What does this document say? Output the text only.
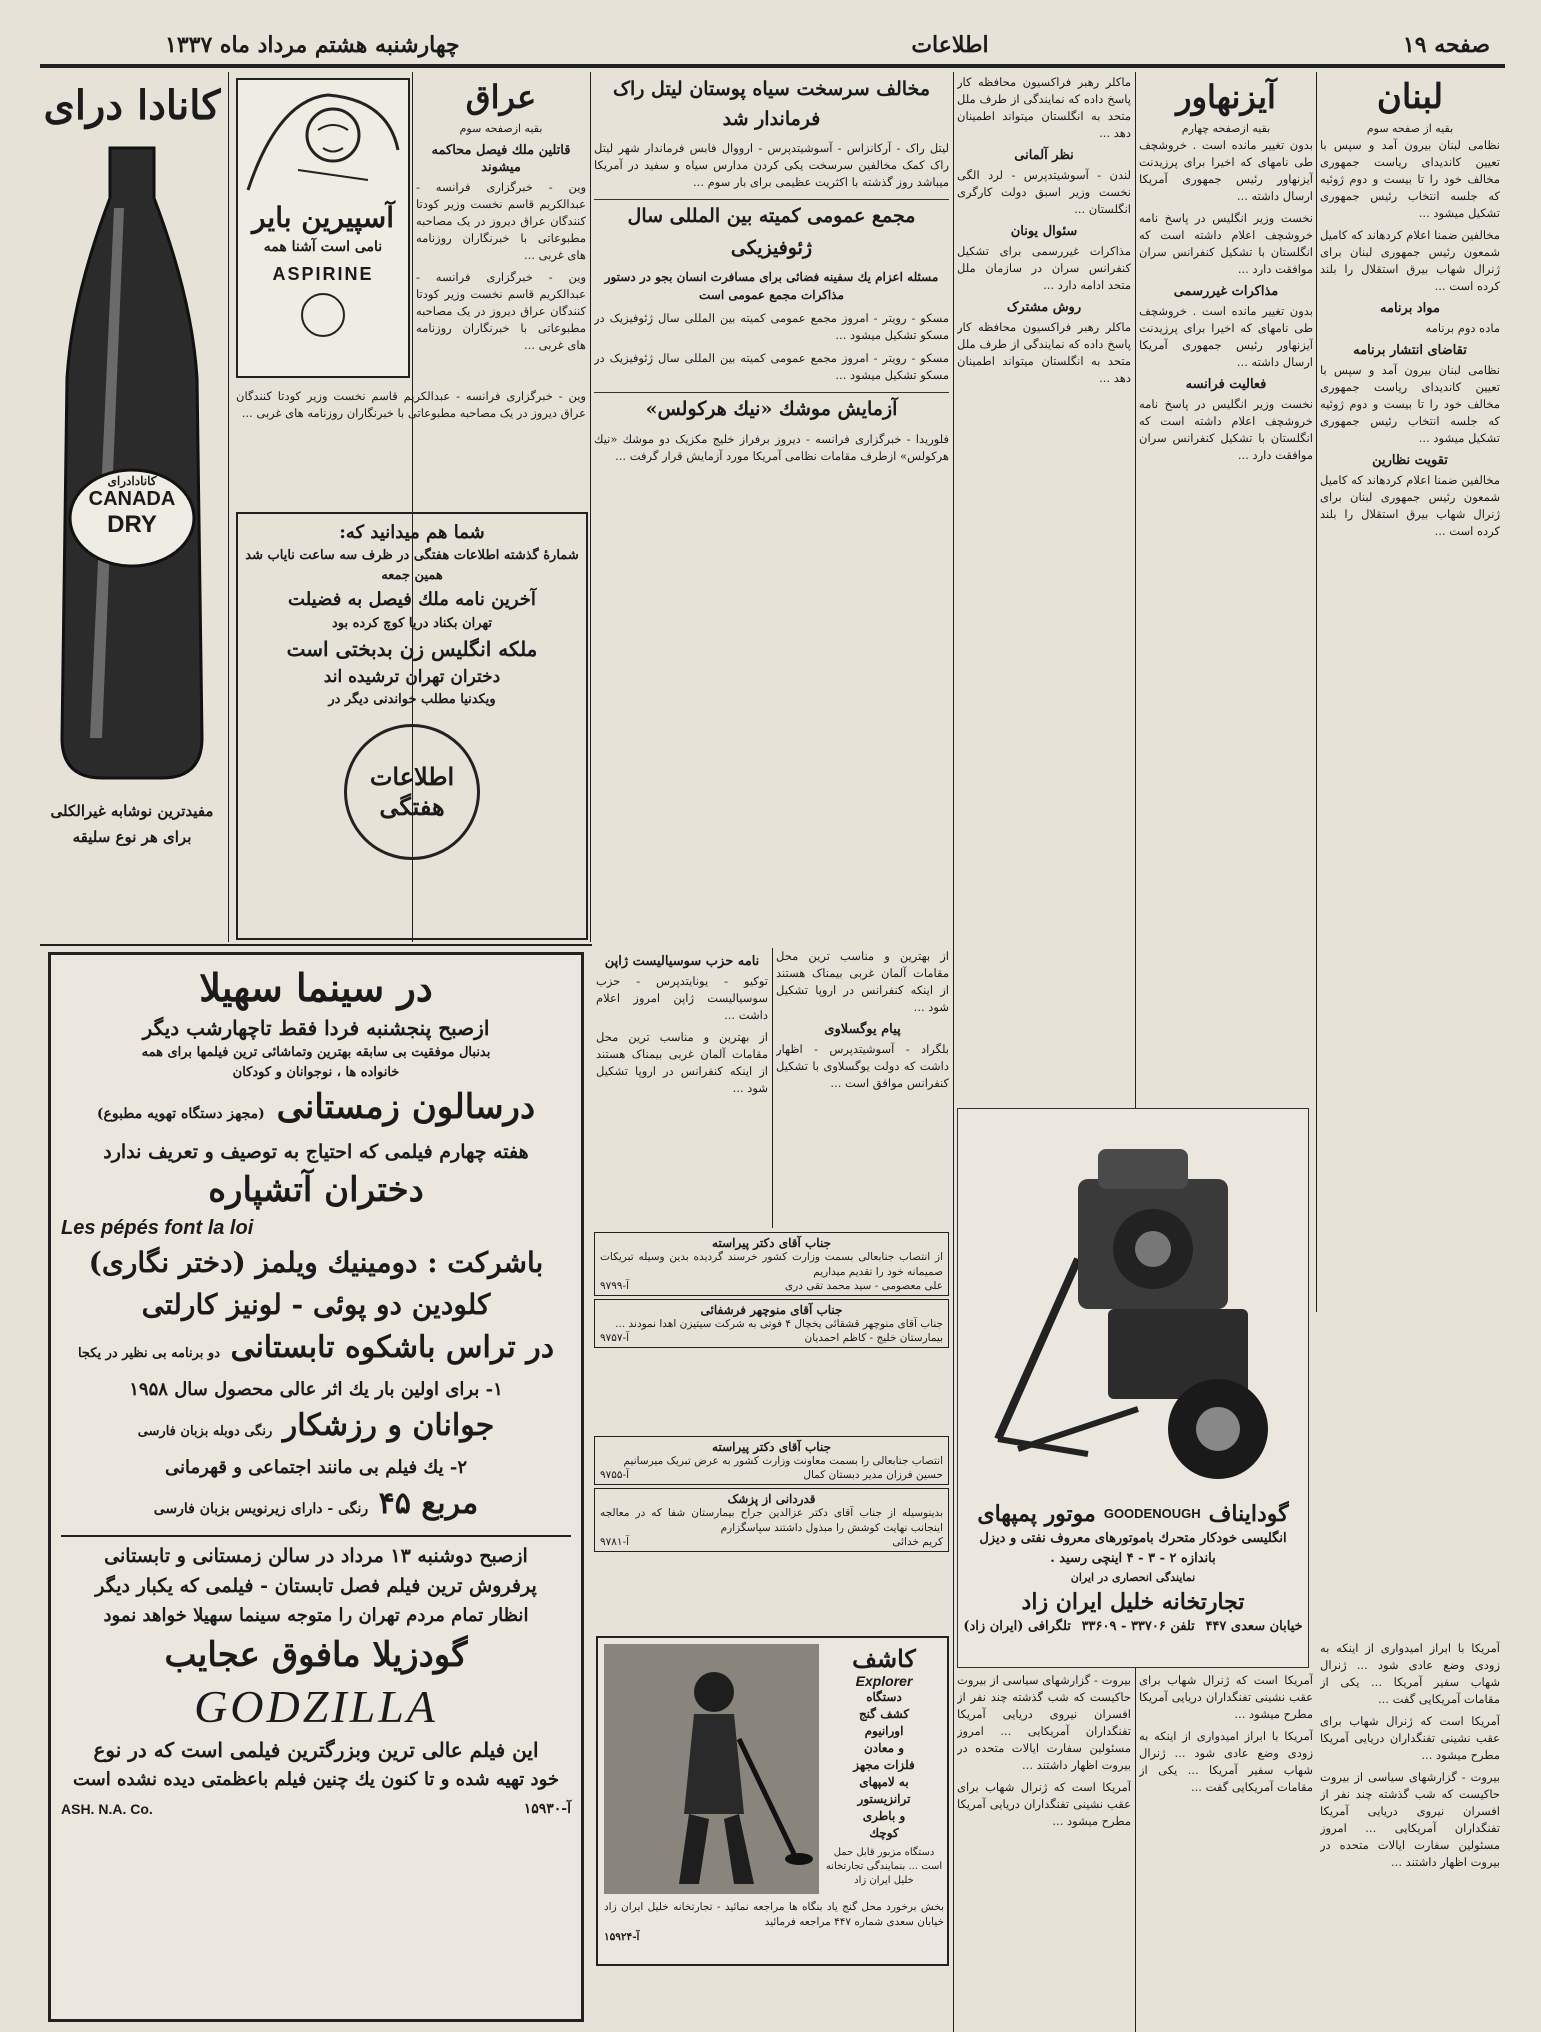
چهارشنبه هشتم مرداد ماه ۱۳۳۷	اطلاعات	صفحه ۱۹
لبنان
بقیه از صفحه سوم

نظامی لبنان بیرون آمد و سپس با تعیین کاندیدای ریاست جمهوری مخالف خود را تا بیست و دوم ژوئیه که جلسه انتخاب رئیس جمهوری تشکیل میشود ...

مخالفین ضمنا اعلام کردهاند که کامیل شمعون رئیس جمهوری لبنان برای ژنرال شهاب بیرق استقلال را بلند کرده است ...

مواد برنامه

ماده دوم برنامه

تقاضای انتشار برنامه

نظامی لبنان بیرون آمد و سپس با تعیین کاندیدای ریاست جمهوری مخالف خود را تا بیست و دوم ژوئیه که جلسه انتخاب رئیس جمهوری تشکیل میشود ...

تقویت نظارین

مخالفین ضمنا اعلام کردهاند که کامیل شمعون رئیس جمهوری لبنان برای ژنرال شهاب بیرق استقلال را بلند کرده است ...

آیزنهاور
بقیه ازصفحه چهارم

بدون تغییر مانده است . خروشچف طی نامهای که اخیرا برای پرزیدنت آیزنهاور رئیس جمهوری آمریکا ارسال داشته ...

نخست وزیر انگلیس در پاسخ نامه خروشچف اعلام داشته است که انگلستان با تشکیل کنفرانس سران موافقت دارد ...

مذاکرات غیررسمی

بدون تغییر مانده است . خروشچف طی نامهای که اخیرا برای پرزیدنت آیزنهاور رئیس جمهوری آمریکا ارسال داشته ...

فعالیت فرانسه

نخست وزیر انگلیس در پاسخ نامه خروشچف اعلام داشته است که انگلستان با تشکیل کنفرانس سران موافقت دارد ...

ماکلر رهبر فراکسیون محافظه کار پاسخ داده که نمایندگی از طرف ملل متحد به انگلستان میتواند اطمینان دهد ...

نظر آلمانی

لندن - آسوشیتدپرس - لرد الگی نخست وزیر اسبق دولت کارگری انگلستان ...

سئوال یونان

مذاکرات غیررسمی برای تشکیل کنفرانس سران در سازمان ملل متحد ادامه دارد ...

روش مشترک

ماکلر رهبر فراکسیون محافظه کار پاسخ داده که نمایندگی از طرف ملل متحد به انگلستان میتواند اطمینان دهد ...

مخالف سرسخت سیاه پوستان لیتل راک فرماندار شد
لیتل راک - آرکانزاس - آسوشیتدپرس - ارووال فابس فرماندار شهر لیتل راک کمک مخالفین سرسخت یکی کردن مدارس سیاه و سفید در آمریکا میباشد روز گذشته با اکثریت عظیمی برای بار سوم ...
مجمع عمومی کمیته بین المللی سال ژئوفیزیکی
مسئله اعزام یك سفینه فضائی برای مسافرت انسان بجو در دستور مذاکرات مجمع عمومی است
مسکو - رویتر - امروز مجمع عمومی کمیته بین المللی سال ژئوفیزیک در مسکو تشکیل میشود ...
مسکو - رویتر - امروز مجمع عمومی کمیته بین المللی سال ژئوفیزیک در مسکو تشکیل میشود ...
آزمایش موشك «نیك هركولس»
فلوریدا - خبرگزاری فرانسه - دیروز برفراز خلیج مکزیک دو موشك «نیك هركولس» ازطرف مقامات نظامی آمریکا مورد آزمایش قرار گرفت ...
عراق
بقیه ازصفحه سوم
قاتلین ملك فیصل محاکمه میشوند

وین - خبرگزاری فرانسه - عبدالکریم قاسم نخست وزیر کودتا کنندگان عراق دیروز در یک مصاحبه مطبوعاتی با خبرنگاران روزنامه های غربی ...

وین - خبرگزاری فرانسه - عبدالکریم قاسم نخست وزیر کودتا کنندگان عراق دیروز در یک مصاحبه مطبوعاتی با خبرنگاران روزنامه های غربی ...

آسپیرین بایر
نامی است آشنا همه
ASPIRINE
کانادا درای
کانادادرای
CANADA
DRY
مفیدترین نوشابه غیرالکلی
برای هر نوع سلیقه
وین - خبرگزاری فرانسه - عبدالکریم قاسم نخست وزیر کودتا کنندگان عراق دیروز در یک مصاحبه مطبوعاتی با خبرنگاران روزنامه های غربی ...
شما هم میدانید که:
شمارهٔ گذشته اطلاعات هفتگی در ظرف سه ساعت نایاب شد
همین جمعه
آخرین نامه ملك فیصل به فضیلت
تهران بکناد دریا کوچ کرده بود
ملکه انگلیس زن بدبختی است
دختران تهران ترشیده اند
ویکدنیا مطلب خواندنی دیگر در
اطلاعات هفتگی
در سینما سهیلا
ازصبح پنجشنبه فردا فقط تاچهارشب دیگر
بدنبال موفقیت بی سابقه بهترین وتماشائی ترین فیلمها برای همه
خانواده ها ، نوجوانان و کودکان
درسالون زمستانی (مجهز دستگاه تهویه مطبوع)
هفته چهارم فیلمی که احتیاج به توصیف و تعریف ندارد
دختران آتشپاره
Les pépés font la loi
باشرکت : دومینیك ویلمز (دختر نگاری)
کلودین دو پوئی - لونیز کارلتی
در تراس باشکوه تابستانی دو برنامه بی نظیر در یکجا
۱- برای اولین بار یك اثر عالی محصول سال ۱۹۵۸
جوانان و رزشکار رنگی دوبله بزبان فارسی
۲- یك فیلم بی مانند اجتماعی و قهرمانی
مربع ۴۵ رنگی - دارای زیرنویس بزبان فارسی
ازصبح دوشنبه ۱۳ مرداد در سالن زمستانی و تابستانی
پرفروش ترین فیلم فصل تابستان - فیلمی که یکبار دیگر
انظار تمام مردم تهران را متوجه سینما سهیلا خواهد نمود
گودزیلا مافوق عجایب
GODZILLA
این فیلم عالی ترین وبزرگترین فیلمی است که در نوع
خود تهیه شده و تا کنون یك چنین فیلم باعظمتی دیده نشده است
ASH. N.A. Co.	آ-۱۵۹۳۰

از بهترین و مناسب ترین محل مقامات آلمان غربی بیمناک هستند از اینکه کنفرانس در اروپا تشکیل شود ...

پیام یوگسلاوی

بلگراد - آسوشیتدپرس - اظهار داشت که دولت یوگسلاوی با تشکیل کنفرانس موافق است ...

نامه حزب سوسیالیست ژاپن

توکیو - یونایتدپرس - حزب سوسیالیست ژاپن امروز اعلام داشت ...

از بهترین و مناسب ترین محل مقامات آلمان غربی بیمناک هستند از اینکه کنفرانس در اروپا تشکیل شود ...

جناب آقای دکتر پیراسته
از انتصاب جنابعالی بسمت وزارت کشور خرسند گردیده بدین وسیله تبریکات صمیمانه خود را تقدیم میداریم
علی معصومی - سید محمد تقی دری
آ-۹۷۹۹
جناب آقای منوچهر فرشفائی
جناب آقای منوچهر قشقائی یخچال ۴ فوتی به شرکت سیتیزن اهدا نمودند ...
بیمارستان خلیج - کاظم احمدیان
آ-۹۷۵۷
جناب آقای دکتر پیراسته
انتصاب جنابعالی را بسمت معاونت وزارت کشور به عرض تبریک میرسانیم
حسین فرزان مدیر دبستان کمال
آ-۹۷۵۵
قدردانی از پزشک
بدینوسیله از جناب آقای دکتر عزالدین جراح بیمارستان شفا که در معالجه اینجانب نهایت کوشش را مبذول داشتند سپاسگزارم
کریم خدائی
آ-۹۷۸۱
کاشف
Explorer
دستگاه
کشف گنج
اورانیوم
و معادن
فلزات مجهز
به لامپهای
ترانزیستور
و باطری
کوچك
دستگاه مزبور قابل حمل است ... بنمایندگی تجارتخانه خلیل ایران زاد
بخش برخورد محل گنج یاد بنگاه ها مراجعه نمائید - تجارتخانه خلیل ایران زاد خیابان سعدی شماره ۴۴۷ مراجعه فرمائید
آ-۱۵۹۲۴
گودایناف
GOODENOUGH
موتور پمپهای
انگلیسی خودکار متحرك باموتورهای معروف نفتی و دیزل
باندازه ۲ - ۳ - ۴ اینچی رسید .
نمایندگی انحصاری در ایران
تجارتخانه خلیل ایران زاد
خیابان سعدی ۴۴۷
تلفن ۳۳۷۰۶ - ۳۳۶۰۹
تلگرافی (ایران زاد)

آمریکا با ابراز امیدواری از اینکه به زودی وضع عادی شود ... ژنرال شهاب سفیر آمریکا ... یکی از مقامات آمریکایی گفت ...

آمریکا است که ژنرال شهاب برای عقب نشینی تفنگداران دریایی آمریکا مطرح میشود ...

بیروت - گزارشهای سیاسی از بیروت حاکیست که شب گذشته چند نفر از افسران نیروی دریایی آمریکا تفنگداران آمریکایی ... امروز مسئولین سفارت ایالات متحده در بیروت اظهار داشتند ...

آمریکا است که ژنرال شهاب برای عقب نشینی تفنگداران دریایی آمریکا مطرح میشود ...

آمریکا با ابراز امیدواری از اینکه به زودی وضع عادی شود ... ژنرال شهاب سفیر آمریکا ... یکی از مقامات آمریکایی گفت ...

بیروت - گزارشهای سیاسی از بیروت حاکیست که شب گذشته چند نفر از افسران نیروی دریایی آمریکا تفنگداران آمریکایی ... امروز مسئولین سفارت ایالات متحده در بیروت اظهار داشتند ...

آمریکا است که ژنرال شهاب برای عقب نشینی تفنگداران دریایی آمریکا مطرح میشود ...
